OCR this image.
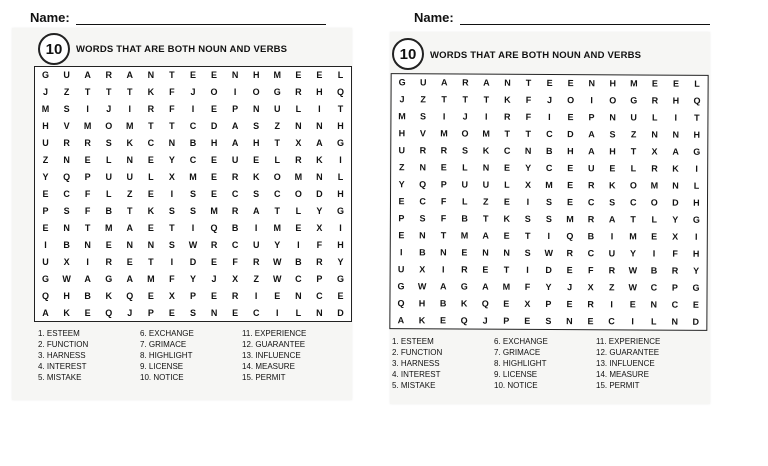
Name:
10	WORDS THAT ARE BOTH NOUN AND VERBS
G	U	A	R	A	N	T	E	E	N	H	M	E	E	L
J	Z	T	T	T	K	F	J	O	I	O	G	R	H	Q
M	S	I	J	I	R	F	I	E	P	N	U	L	I	T
H	V	M	O	M	T	T	C	D	A	S	Z	N	N	H
U	R	R	S	K	C	N	B	H	A	H	T	X	A	G
Z	N	E	L	N	E	Y	C	E	U	E	L	R	K	I
Y	Q	P	U	U	L	X	M	E	R	K	O	M	N	L
E	C	F	L	Z	E	I	S	E	C	S	C	O	D	H
P	S	F	B	T	K	S	S	M	R	A	T	L	Y	G
E	N	T	M	A	E	T	I	Q	B	I	M	E	X	I
I	B	N	E	N	N	S	W	R	C	U	Y	I	F	H
U	X	I	R	E	T	I	D	E	F	R	W	B	R	Y
G	W	A	G	A	M	F	Y	J	X	Z	W	C	P	G
Q	H	B	K	Q	E	X	P	E	R	I	E	N	C	E
A	K	E	Q	J	P	E	S	N	E	C	I	L	N	D
1. ESTEEM	6. EXCHANGE	11. EXPERIENCE
2. FUNCTION	7. GRIMACE	12. GUARANTEE
3. HARNESS	8. HIGHLIGHT	13. INFLUENCE
4. INTEREST	9. LICENSE	14. MEASURE
5. MISTAKE	10. NOTICE	15. PERMIT
Name:
10	WORDS THAT ARE BOTH NOUN AND VERBS
G	U	A	R	A	N	T	E	E	N	H	M	E	E	L
J	Z	T	T	T	K	F	J	O	I	O	G	R	H	Q
M	S	I	J	I	R	F	I	E	P	N	U	L	I	T
H	V	M	O	M	T	T	C	D	A	S	Z	N	N	H
U	R	R	S	K	C	N	B	H	A	H	T	X	A	G
Z	N	E	L	N	E	Y	C	E	U	E	L	R	K	I
Y	Q	P	U	U	L	X	M	E	R	K	O	M	N	L
E	C	F	L	Z	E	I	S	E	C	S	C	O	D	H
P	S	F	B	T	K	S	S	M	R	A	T	L	Y	G
E	N	T	M	A	E	T	I	Q	B	I	M	E	X	I
I	B	N	E	N	N	S	W	R	C	U	Y	I	F	H
U	X	I	R	E	T	I	D	E	F	R	W	B	R	Y
G	W	A	G	A	M	F	Y	J	X	Z	W	C	P	G
Q	H	B	K	Q	E	X	P	E	R	I	E	N	C	E
A	K	E	Q	J	P	E	S	N	E	C	I	L	N	D
1. ESTEEM	6. EXCHANGE	11. EXPERIENCE
2. FUNCTION	7. GRIMACE	12. GUARANTEE
3. HARNESS	8. HIGHLIGHT	13. INFLUENCE
4. INTEREST	9. LICENSE	14. MEASURE
5. MISTAKE	10. NOTICE	15. PERMIT
